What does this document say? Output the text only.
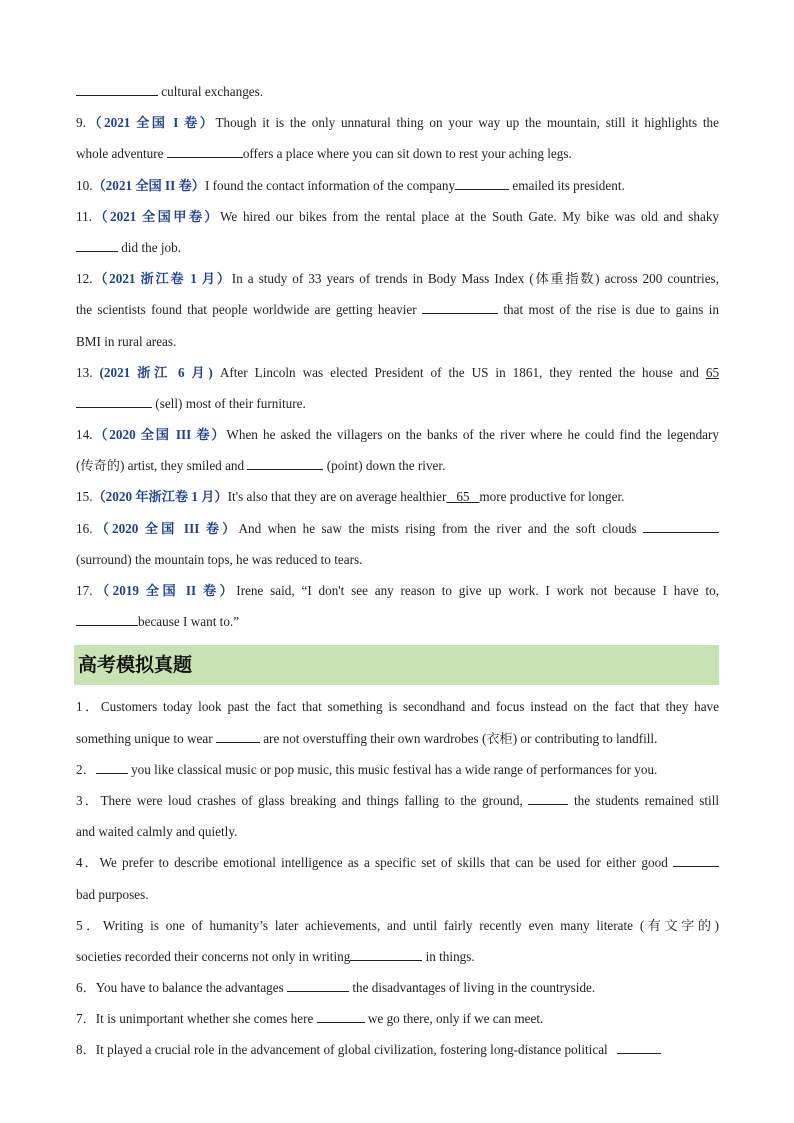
cultural exchanges.
9.（2021 全国 I 卷）Though it is the only unnatural thing on your way up the mountain, still it highlights the
whole adventure	offers a place where you can sit down to rest your aching legs.
10.（2021 全国 II 卷）I found the contact information of the company	emailed its president.
11.（2021 全国甲卷）We hired our bikes from the rental place at the South Gate. My bike was old and shaky
did the job.
12.（2021 浙江卷 1 月）In a study of 33 years of trends in Body Mass Index (体重指数) across 200 countries,
the scientists found that people worldwide are getting heavier	that most of the rise is due to gains in
BMI in rural areas.
13. (2021 浙江 6 月) After Lincoln was elected President of the US in 1861, they rented the house and 65
(sell) most of their furniture.
14.（2020 全国 III 卷）When he asked the villagers on the banks of the river where he could find the legendary
(传奇的) artist, they smiled and	(point) down the river.
15.（2020 年浙江卷 1 月）It's also that they are on average healthier 65 more productive for longer.
16.（2020 全国 III 卷）And when he saw the mists rising from the river and the soft clouds
(surround) the mountain tops, he was reduced to tears.
17.（2019 全国 II 卷）Irene said, “I don't see any reason to give up work. I work not because I have to,
because I want to.”
高考模拟真题
1．Customers today look past the fact that something is secondhand and focus instead on the fact that they have
something unique to wear	are not overstuffing their own wardrobes (衣柜) or contributing to landfill.
2．	you like classical music or pop music, this music festival has a wide range of performances for you.
3．There were loud crashes of glass breaking and things falling to the ground,	the students remained still
and waited calmly and quietly.
4．We prefer to describe emotional intelligence as a specific set of skills that can be used for either good
bad purposes.
5．Writing is one of humanity’s later achievements, and until fairly recently even many literate (有文字的)
societies recorded their concerns not only in writing	in things.
6．You have to balance the advantages	the disadvantages of living in the countryside.
7．It is unimportant whether she comes here	we go there, only if we can meet.
8．It played a crucial role in the advancement of global civilization, fostering long-distance political
